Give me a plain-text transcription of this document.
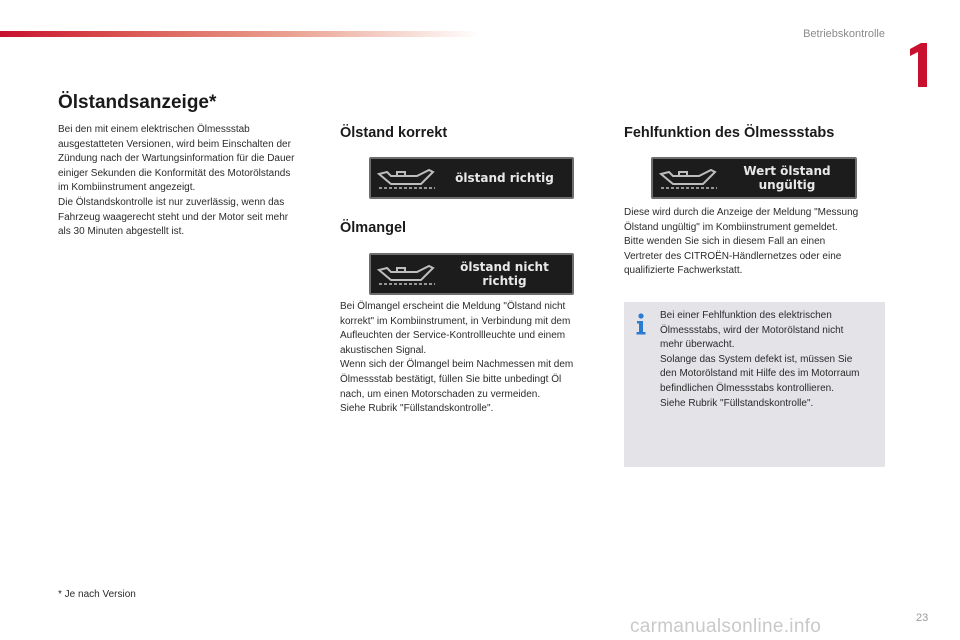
Betriebskontrolle
Ölstandsanzeige*
Bei den mit einem elektrischen Ölmessstab
ausgestatteten Versionen, wird beim Einschalten der
Zündung nach der Wartungsinformation für die Dauer
einiger Sekunden die Konformität des Motorölstands
im Kombiinstrument angezeigt.
Die Ölstandskontrolle ist nur zuverlässig, wenn das
Fahrzeug waagerecht steht und der Motor seit mehr
als 30 Minuten abgestellt ist.
Ölstand korrekt
ölstand richtig
Ölmangel
ölstand nicht
richtig
Bei Ölmangel erscheint die Meldung "Ölstand nicht
korrekt" im Kombiinstrument, in Verbindung mit dem
Aufleuchten der Service-Kontrollleuchte und einem
akustischen Signal.
Wenn sich der Ölmangel beim Nachmessen mit dem
Ölmessstab bestätigt, füllen Sie bitte unbedingt Öl
nach, um einen Motorschaden zu vermeiden.
Siehe Rubrik "Füllstandskontrolle".
Fehlfunktion des Ölmessstabs
Wert ölstand
ungültig
Diese wird durch die Anzeige der Meldung "Messung
Ölstand ungültig" im Kombiinstrument gemeldet.
Bitte wenden Sie sich in diesem Fall an einen
Vertreter des CITROËN-Händlernetzes oder eine
qualifizierte Fachwerkstatt.
Bei einer Fehlfunktion des elektrischen
Ölmessstabs, wird der Motorölstand nicht
mehr überwacht.
Solange das System defekt ist, müssen Sie
den Motorölstand mit Hilfe des im Motorraum
befindlichen Ölmessstabs kontrollieren.
Siehe Rubrik "Füllstandskontrolle".
* Je nach Version
carmanualsonline.info	23
